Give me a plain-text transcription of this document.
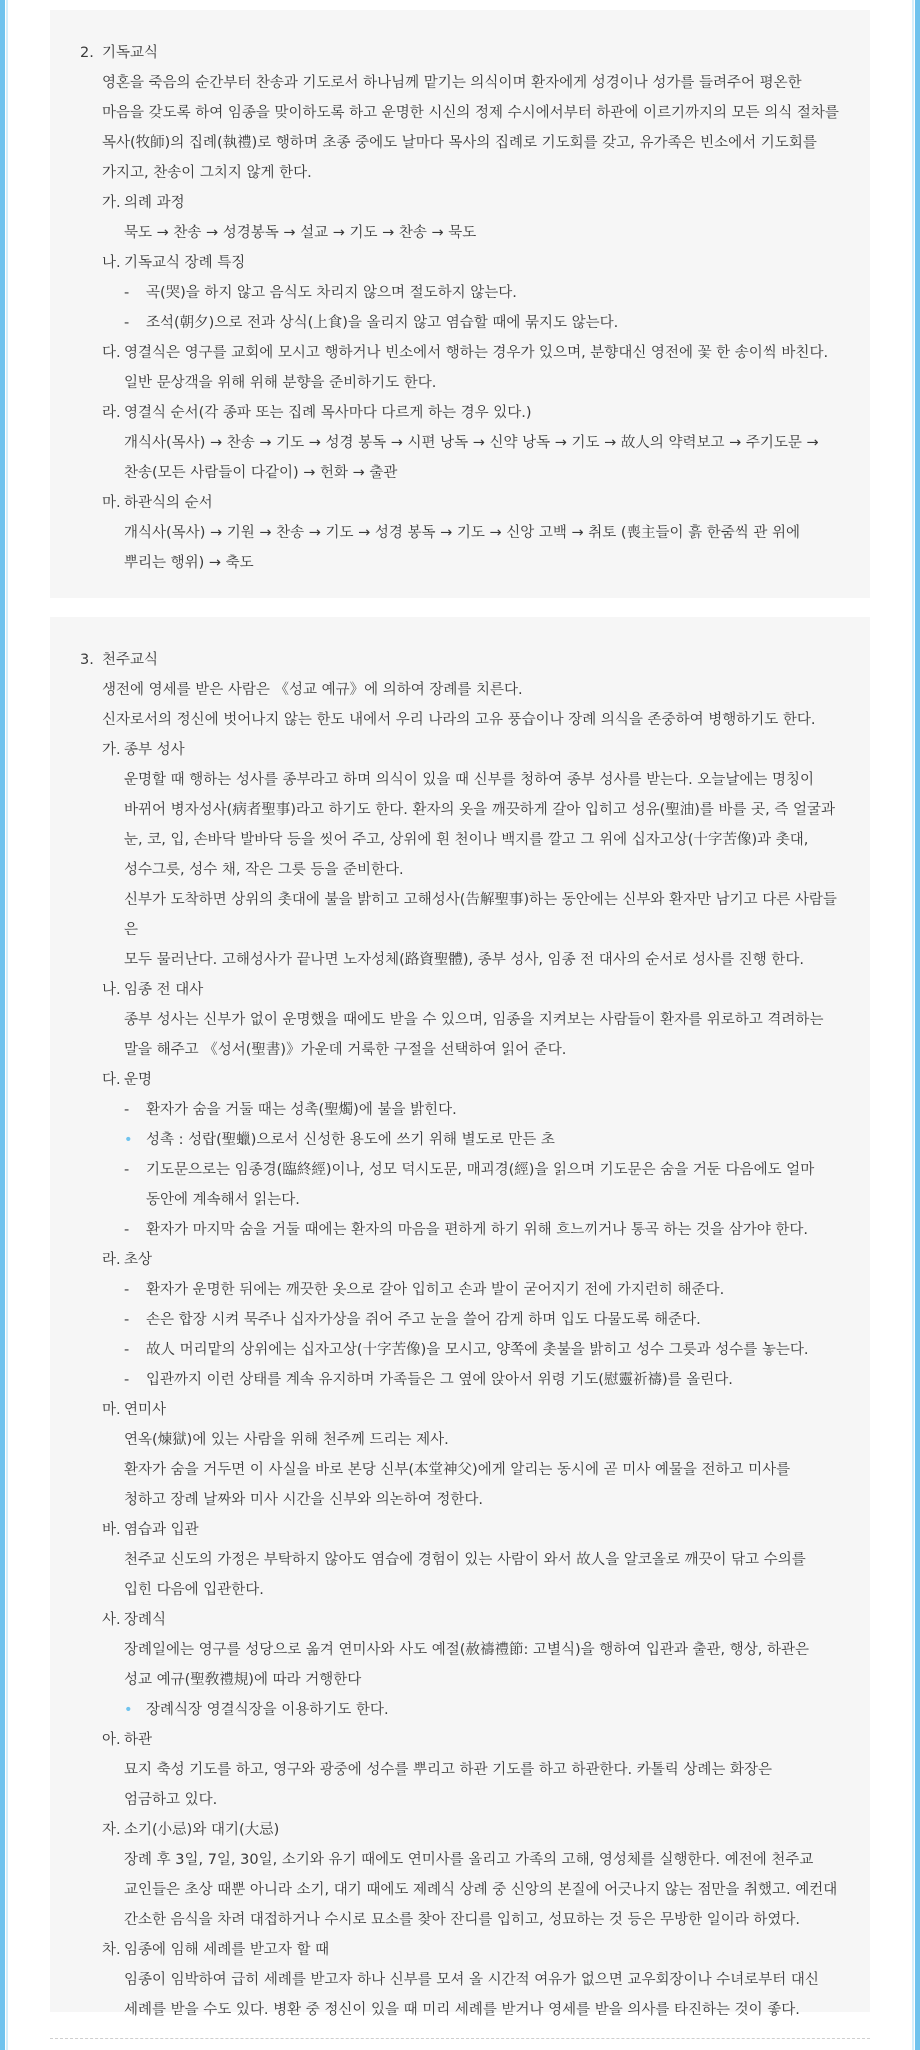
2. 기독교식
영혼을 죽음의 순간부터 찬송과 기도로서 하나님께 맡기는 의식이며 환자에게 성경이나 성가를 들려주어 평온한
마음을 갖도록 하여 임종을 맞이하도록 하고 운명한 시신의 정제 수시에서부터 하관에 이르기까지의 모든 의식 절차를
목사(牧師)의 집례(執禮)로 행하며 초종 중에도 날마다 목사의 집례로 기도회를 갖고, 유가족은 빈소에서 기도회를
가지고, 찬송이 그치지 않게 한다.
가. 의례 과정
묵도 → 찬송 → 성경봉독 → 설교 → 기도 → 찬송 → 묵도
나. 기독교식 장례 특징
-	곡(哭)을 하지 않고 음식도 차리지 않으며 절도하지 않는다.
-	조석(朝夕)으로 전과 상식(上食)을 올리지 않고 염습할 때에 묶지도 않는다.
다. 영결식은 영구를 교회에 모시고 행하거나 빈소에서 행하는 경우가 있으며, 분향대신 영전에 꽃 한 송이씩 바친다.
일반 문상객을 위해 위해 분향을 준비하기도 한다.
라. 영결식 순서(각 종파 또는 집례 목사마다 다르게 하는 경우 있다.)
개식사(목사) → 찬송 → 기도 → 성경 봉독 → 시편 낭독 → 신약 낭독 → 기도 → 故人의 약력보고 → 주기도문 →
찬송(모든 사람들이 다같이) → 헌화 → 출관
마. 하관식의 순서
개식사(목사) → 기원 → 찬송 → 기도 → 성경 봉독 → 기도 → 신앙 고백 → 취토 (喪主들이 흙 한줌씩 관 위에
뿌리는 행위) → 축도
3. 천주교식
생전에 영세를 받은 사람은 《성교 예규》에 의하여 장례를 치른다.
신자로서의 정신에 벗어나지 않는 한도 내에서 우리 나라의 고유 풍습이나 장례 의식을 존중하여 병행하기도 한다.
가. 종부 성사
운명할 때 행하는 성사를 종부라고 하며 의식이 있을 때 신부를 청하여 종부 성사를 받는다. 오늘날에는 명칭이
바뀌어 병자성사(病者聖事)라고 하기도 한다. 환자의 옷을 깨끗하게 갈아 입히고 성유(聖油)를 바를 곳, 즉 얼굴과
눈, 코, 입, 손바닥 발바닥 등을 씻어 주고, 상위에 흰 천이나 백지를 깔고 그 위에 십자고상(十字苦像)과 촛대,
성수그릇, 성수 채, 작은 그릇 등을 준비한다.
신부가 도착하면 상위의 촛대에 불을 밝히고 고해성사(告解聖事)하는 동안에는 신부와 환자만 남기고 다른 사람들은
모두 물러난다. 고해성사가 끝나면 노자성체(路資聖體), 종부 성사, 임종 전 대사의 순서로 성사를 진행 한다.
나. 임종 전 대사
종부 성사는 신부가 없이 운명했을 때에도 받을 수 있으며, 임종을 지켜보는 사람들이 환자를 위로하고 격려하는
말을 해주고 《성서(聖書)》가운데 거룩한 구절을 선택하여 읽어 준다.
다. 운명
-	환자가 숨을 거둘 때는 성촉(聖燭)에 불을 밝힌다.
• 성촉 : 성랍(聖蠟)으로서 신성한 용도에 쓰기 위해 별도로 만든 초
-	기도문으로는 임종경(臨終經)이나, 성모 덕시도문, 매괴경(經)을 읽으며 기도문은 숨을 거둔 다음에도 얼마
동안에 계속해서 읽는다.
-	환자가 마지막 숨을 거둘 때에는 환자의 마음을 편하게 하기 위해 흐느끼거나 통곡 하는 것을 삼가야 한다.
라. 초상
-	환자가 운명한 뒤에는 깨끗한 옷으로 갈아 입히고 손과 발이 굳어지기 전에 가지런히 해준다.
-	손은 합장 시켜 묵주나 십자가상을 쥐어 주고 눈을 쓸어 감게 하며 입도 다물도록 해준다.
-	故人 머리맡의 상위에는 십자고상(十字苦像)을 모시고, 양쪽에 촛불을 밝히고 성수 그릇과 성수를 놓는다.
-	입관까지 이런 상태를 계속 유지하며 가족들은 그 옆에 앉아서 위령 기도(慰靈祈禱)를 올린다.
마. 연미사
연옥(煉獄)에 있는 사람을 위해 천주께 드리는 제사.
환자가 숨을 거두면 이 사실을 바로 본당 신부(本堂神父)에게 알리는 동시에 곧 미사 예물을 전하고 미사를
청하고 장례 날짜와 미사 시간을 신부와 의논하여 정한다.
바. 염습과 입관
천주교 신도의 가정은 부탁하지 않아도 염습에 경험이 있는 사람이 와서 故人을 알코올로 깨끗이 닦고 수의를
입힌 다음에 입관한다.
사. 장례식
장례일에는 영구를 성당으로 옮겨 연미사와 사도 예절(赦禱禮節: 고별식)을 행하여 입관과 출관, 행상, 하관은
성교 예규(聖敎禮規)에 따라 거행한다
• 장례식장 영결식장을 이용하기도 한다.
아. 하관
묘지 축성 기도를 하고, 영구와 광중에 성수를 뿌리고 하관 기도를 하고 하관한다. 카톨릭 상례는 화장은
엄금하고 있다.
자. 소기(小忌)와 대기(大忌)
장례 후 3일, 7일, 30일, 소기와 유기 때에도 연미사를 올리고 가족의 고해, 영성체를 실행한다. 예전에 천주교
교인들은 초상 때뿐 아니라 소기, 대기 때에도 제례식 상례 중 신앙의 본질에 어긋나지 않는 점만을 취했고. 예컨대
간소한 음식을 차려 대접하거나 수시로 묘소를 찾아 잔디를 입히고, 성묘하는 것 등은 무방한 일이라 하였다.
차. 임종에 임해 세례를 받고자 할 때
임종이 임박하여 급히 세례를 받고자 하나 신부를 모셔 올 시간적 여유가 없으면 교우회장이나 수녀로부터 대신
세례를 받을 수도 있다. 병환 중 정신이 있을 때 미리 세례를 받거나 영세를 받을 의사를 타진하는 것이 좋다.
